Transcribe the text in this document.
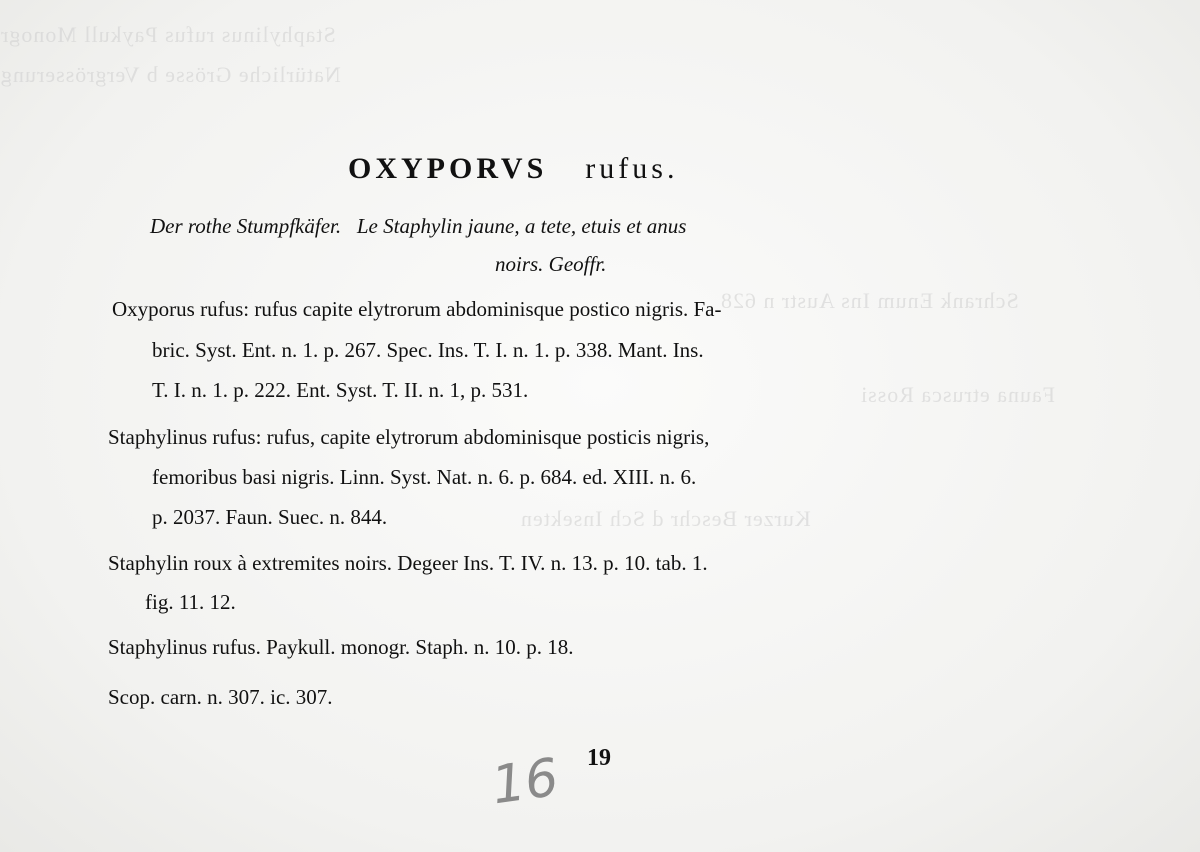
Staphylinus rufus Paykull Monogr
Natürliche Grösse b Vergrösserung
Schrank Enum Ins Austr n 628
Fauna etrusca Rossi
Kurzer Beschr d Sch Insekten
OXYPORVS rufus.
Der rothe Stumpfkäfer. Le Staphylin jaune, a tete, etuis et anus
noirs. Geoffr.
Oxyporus rufus: rufus capite elytrorum abdominisque postico nigris. Fa-
bric. Syst. Ent. n. 1. p. 267. Spec. Ins. T. I. n. 1. p. 338. Mant. Ins.
T. I. n. 1. p. 222. Ent. Syst. T. II. n. 1, p. 531.
Staphylinus rufus: rufus, capite elytrorum abdominisque posticis nigris,
femoribus basi nigris. Linn. Syst. Nat. n. 6. p. 684. ed. XIII. n. 6.
p. 2037. Faun. Suec. n. 844.
Staphylin roux à extremites noirs. Degeer Ins. T. IV. n. 13. p. 10. tab. 1.
fig. 11. 12.
Staphylinus rufus. Paykull. monogr. Staph. n. 10. p. 18.
Scop. carn. n. 307. ic. 307.
19
16
